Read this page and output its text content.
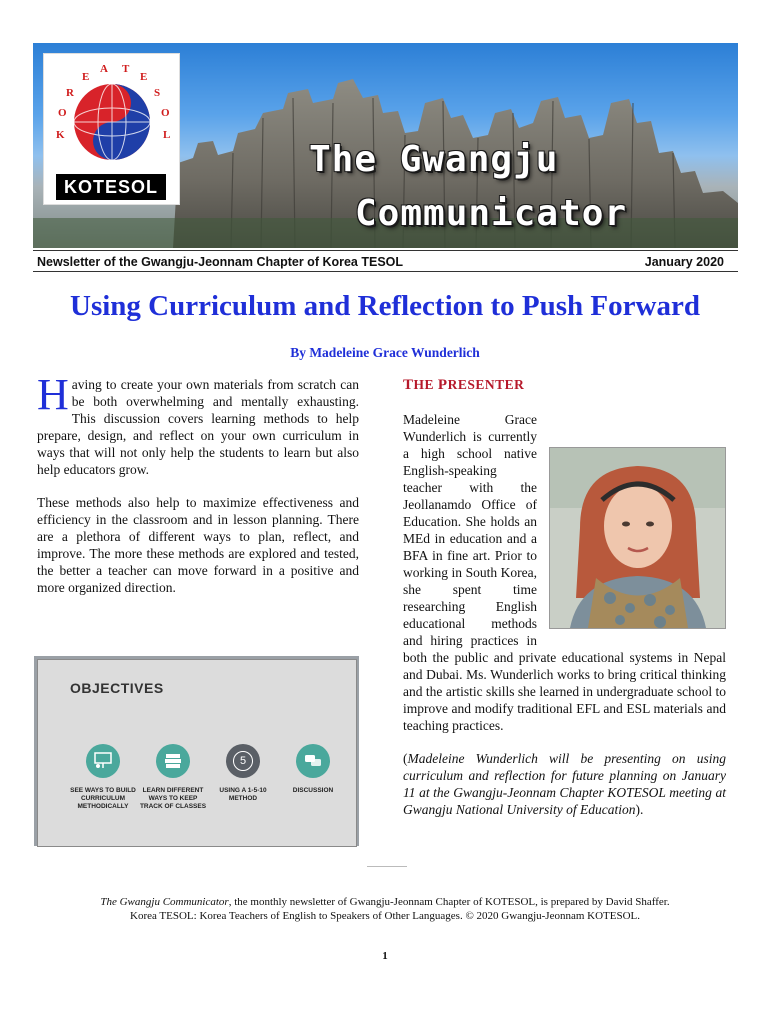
K
O
R
E
A T
E
S
O
L
KOTESOL
The Gwangju
Communicator
Newsletter of the Gwangju-Jeonnam Chapter of Korea TESOL	January 2020
Using Curriculum and Reflection to Push Forward
By Madeleine Grace Wunderlich

Having to create your own materials from scratch can be both overwhelming and mentally exhausting. This discussion covers learning methods to help prepare, design, and reflect on your own curriculum in ways that will not only help the students to learn but also help educators grow.

These methods also help to maximize effectiveness and efficiency in the classroom and in lesson planning. There are a plethora of different ways to plan, reflect, and improve. The more these methods are explored and tested, the better a teacher can move forward in a positive and more organized direction.

THE PRESENTER

Madeleine Grace Wunderlich is currently a high school native English-speaking teacher with the Jeollanamdo Office of Education. She holds an MEd in education and a BFA in fine art. Prior to working in South Korea, she spent time researching English educational methods and hiring practices in both the public and private educational systems in Nepal and Dubai. Ms. Wunderlich works to bring critical thinking and the artistic skills she learned in undergraduate school to improve and modify traditional EFL and ESL materials and teaching practices.

(Madeleine Wunderlich will be presenting on using curriculum and reflection for future planning on January 11 at the Gwangju-Jeonnam Chapter KOTESOL meeting at Gwangju National University of Education).

OBJECTIVES
SEE WAYS TO BUILD CURRICULUM METHODICALLY
LEARN DIFFERENT WAYS TO KEEP TRACK OF CLASSES
5
USING A 1-5-10 METHOD
DISCUSSION
The Gwangju Communicator, the monthly newsletter of Gwangju-Jeonnam Chapter of KOTESOL, is prepared by David Shaffer.
Korea TESOL: Korea Teachers of English to Speakers of Other Languages. © 2020 Gwangju-Jeonnam KOTESOL.
1
